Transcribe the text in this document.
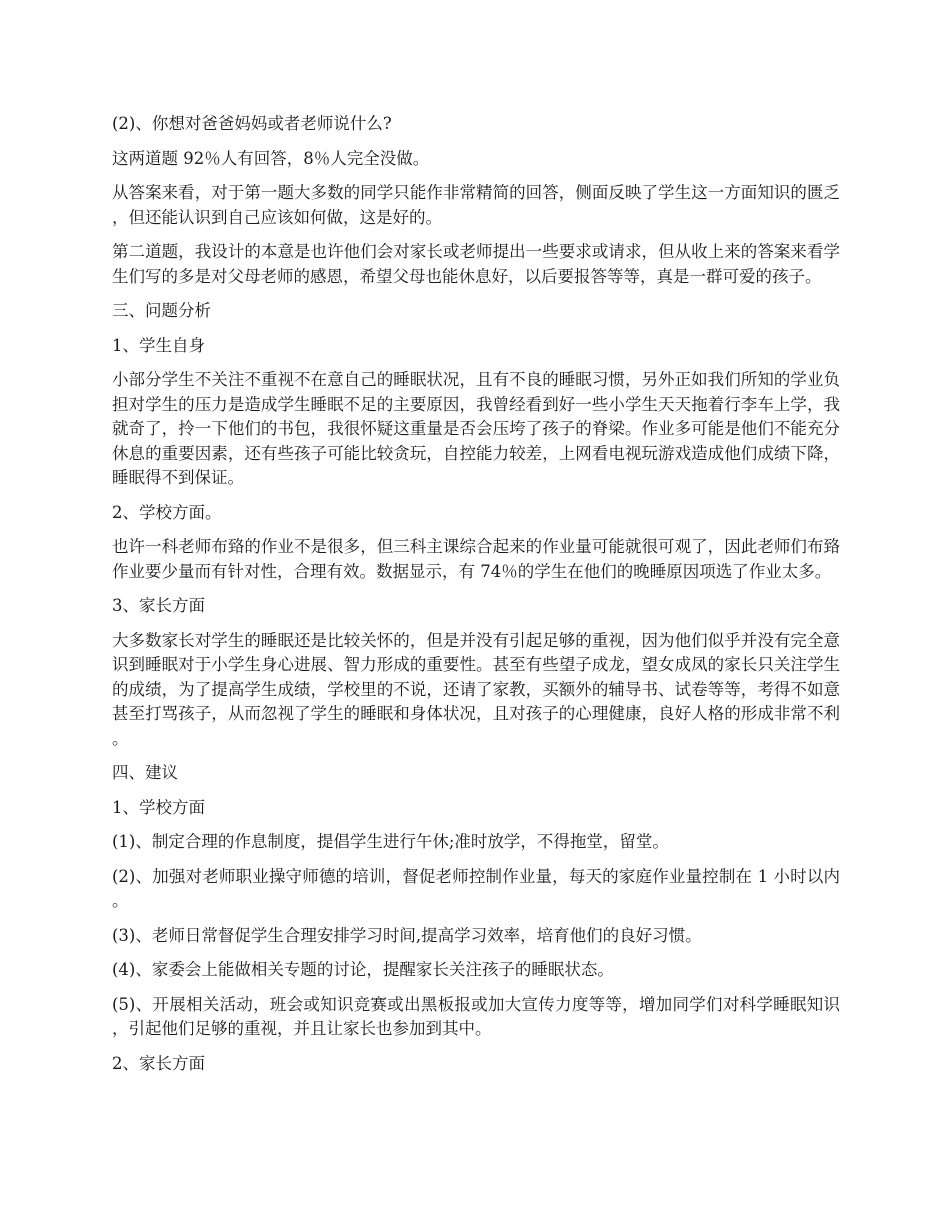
(2)、你想对爸爸妈妈或者老师说什么?

这两道题 92％人有回答，8％人完全没做。

从答案来看，对于第一题大多数的同学只能作非常精简的回答，侧面反映了学生这一方面知识的匮乏，但还能认识到自己应该如何做，这是好的。

第二道题，我设计的本意是也许他们会对家长或老师提出一些要求或请求，但从收上来的答案来看学生们写的多是对父母老师的感恩，希望父母也能休息好，以后要报答等等，真是一群可爱的孩子。

三、问题分析

1、学生自身

小部分学生不关注不重视不在意自己的睡眠状况，且有不良的睡眠习惯，另外正如我们所知的学业负担对学生的压力是造成学生睡眠不足的主要原因，我曾经看到好一些小学生天天拖着行李车上学，我就奇了，拎一下他们的书包，我很怀疑这重量是否会压垮了孩子的脊梁。作业多可能是他们不能充分休息的重要因素，还有些孩子可能比较贪玩，自控能力较差，上网看电视玩游戏造成他们成绩下降，睡眠得不到保证。

2、学校方面。

也许一科老师布臵的作业不是很多，但三科主课综合起来的作业量可能就很可观了，因此老师们布臵作业要少量而有针对性，合理有效。数据显示，有 74％的学生在他们的晚睡原因项选了作业太多。

3、家长方面

大多数家长对学生的睡眠还是比较关怀的，但是并没有引起足够的重视，因为他们似乎并没有完全意识到睡眠对于小学生身心进展、智力形成的重要性。甚至有些望子成龙，望女成凤的家长只关注学生的成绩，为了提高学生成绩，学校里的不说，还请了家教，买额外的辅导书、试卷等等，考得不如意甚至打骂孩子，从而忽视了学生的睡眠和身体状况，且对孩子的心理健康，良好人格的形成非常不利。

四、建议

1、学校方面

(1)、制定合理的作息制度，提倡学生进行午休;准时放学，不得拖堂，留堂。

(2)、加强对老师职业操守师德的培训，督促老师控制作业量，每天的家庭作业量控制在 1 小时以内。

(3)、老师日常督促学生合理安排学习时间,提高学习效率，培育他们的良好习惯。

(4)、家委会上能做相关专题的讨论，提醒家长关注孩子的睡眠状态。

(5)、开展相关活动，班会或知识竞赛或出黑板报或加大宣传力度等等，增加同学们对科学睡眠知识，引起他们足够的重视，并且让家长也参加到其中。

2、家长方面
